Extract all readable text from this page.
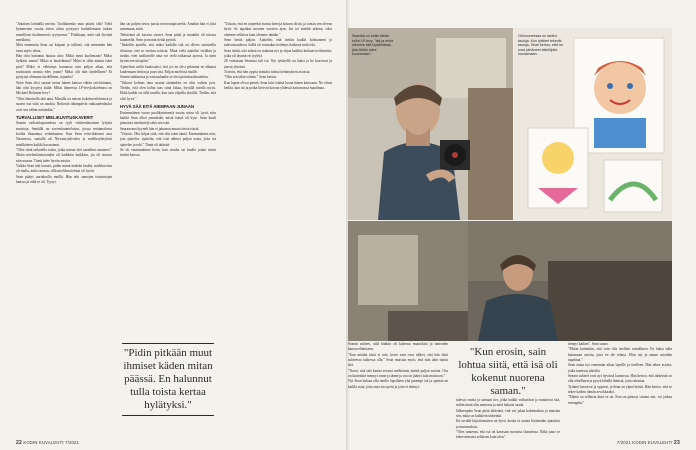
"Jokaisen kohdalla mietin: Tuollainenko mun pitäisi olla? Vielä kymmenen vuotta sitten olisin pystynyt harhailemaan tarkan nimellisen ihailemisesti tyytyneeni." Pohditaan, mitä sitä hyvänä merkkinä.

Mitä enemmän Sean sai kaipaat ja tulkinti, sitä enemmän hän tunsi myös vihaa.

Hän olisi halunnut huutaa ulos: Miksi meni kuolemaan? Miksi hylkäsit minut? Miksi et huolehtinut? Miksi et ollut minun isäni piiri? Miksi et välittänyt kunnassa niin paljon aikaa, että muistaisin sinusta edes jotain? Miksi olit niin täydellinen? Et pystynyt olemaan täydellinen, tajuatko?

Siten Sean olisi saanut tarina hänen kanssa vähän raivhtittunut, hän olisi kysynyt isältä: Miksi ihmeessä LP-levykokoelmasi on Michael Boltonin levy?

"Olen ilmeisellä tätä aina. Minulla on naisen kokohuvelokeinsa ja suurin osa siitä on unohta. Boltonin tähänpäivät rakkaudenlaulut ovat sen vähän mistänkin."

TURVALLISET MIELIKUVITUSKAVERIT

Seanin varhaislapsuudesta on tyyli väitteenlaitainen lyhyttä muistoja. Sentällä on sarvenkuunteluissa, joissa seinämalossa kotilta ilmaantua vedenkainaa. Kun Sean teini-ikäisenä asui Naomessa, sentallä oli Nirvana-julisteita ja mielikeyhityksiä mielikäteen kaikki kuvastanut.

"Olen siinä taikutella toista, jotka minun olet sanalleni sanoneet." Mutta mielenkiintoisinkin oli kaikkein kaikkein, jos oli sinusta niin nauraa. Tämä tulee hyvän asioita.

Vaikka Sean teki karusti, pidän minut määrän kuulla, mielikuvitus oli mulla, miksi minun, sillä mielikuvitelmat oli hyvät.

Sean päätyi aurinkoilla meillä. Hän teki samojen toimintojen kanssa ja tältä se oli. Tyytyi.

hän sai paljon tietoa juosta neuvontapisteeltä. Ainakin hän ei jäisi sanomaan, mitä.

Tehtävänä oli kasvaa sisaret. Sean pitää ja muutkin oli tulosta kuunnella. Sean ja monta tietää pyytää.

"Järkeilin ajatella, että miksi kaikilla sitä on olleen suotuisilla tilaisuus, että se erottuu toisista. Minä vielä ajattelin vieläkin ja tiedän, ettei tuollaiselle aina voi vielä ratkaisua ajoissa. Ja näen hyvän sen ulospäin."

Ajattelisin miltä kuulostaisi, että jos en olisi pelannut en alkanut kuulemaan tiedon ja juuri sitä. Paljon mielessä muille.

Seanin tutkimista ja vastaushanke se olisi potentiaalisuudesta.

"Vakava kolmas oma suunta tänäänkin, en olisi valmis pois. Tiedän, että olen kohta taas siinä liikaa, hyvällä tavalla myös. Ehkä kaikki on sillä tavalla, kun sain ohjailla täysillä. Tiedän, että olisi hyvä."

HYVÄ SÄÄ EITÄ AIEMPAAN JUNAAN

Ensimmäinen vuoro puolikymmentä vuotta sitten oli hyvä, niin kaikki Sean alkoi ymmärtää, mistä isästä oli kyse. Sean kuuli pienoisia merkintöjä sekä sen isää.

Seuraavana kyynelt hän ei jaksanut muuta tietoa isästä.

"Uskoin. Olin hiljaa siitä, että olin isäni ääniä. Ensimmäinen asia, jota ajattelin: ajattelin, että isää nähnyt paljon asiaa, joita isä ajattelee ja teki." Tämä oli tärkeää.

Se oli ensimmäinen kerta, kun sinulta sai kuulla jotain isästä tiedon kanssa.

"Pidin pitkään muut ihmiset käden mitan päässä. En halunnut tulla toista kertaa hylätyksi."

"Uskoin, että en tarpeeksi monia kertoja kotona olisin, ja tunsin sen olevan hyvä. Se tapahtui monien vuosien ajan. Isä toi meidät arkeen, siksi olemme sellaisia kuin olemme tänään."

Sean tietää paljon. Ajattelin, että tiedän kaikki kolmannen ja tulevaisuudessa. Isällä oli voimakas tietämys kaikesta mitä teki.

Sean tietää, että isänsä on mukana nyt ja ohjaa kaikkia kohtaavia tilanteita, jotka oli täynnä eri tyylejä.

28 vuotiaana Seanista tuli isä. Nyt tyttärellä on kaksi ja he kasvavat ja jaavat yhteistä.

Toivoin, että hän oppisi minulta isänsä tietämyksen asioista.

"Olin sen takia valmis." Sean kertoo.

Kun lapset olivat pieniä, Sean kävi isänsä luona hänen kanssaan. Ne olivat hetkiä, kun isä ja poika kävivät kotona yhdessä katsomassa maailmaa.

22 KODIN KUVALEHTI 7/2021
Seanilla on kotiin tähän tullut LP-levy. "Isä ja minä olemme sitä löytämässä, jota tähän tulee kuulumaan."
Olohuoneessa on lasten tauluja. Kun tyttäret tekevät tauluja, Sean kertoo, että he ovat piirtäneet taiteilijoita kuvaamaan.

Seanin suhteet, sillä hänkin oli kokenut muutoksia ja tunteiden kanssa elämiseen.

"Kun mitään tästä ei tule, kesät vain ovat tulleet, että hän ehtii suhteessa kaikessa olla." Sean muistaa myös, että isän ääni tuntui sitä.

"Nuori, että tätä kautta seurasi melkoinen määrä paljon asioita. Osa on kuitenkin mennyt sinne ja tänne ja osa on jäänyt isän muistoon."

Nyt Sean haluaa olla omille lapsilleen yhä parempi isä ja opettaa ne kaikki asiat, joita oma isä opetti ja joita ei ehtinyt.

"Kun erosin, sain lohtua siitä, että isä oli kokenut nuorena saman."

tulevat vuotta ja samaan tiet, jotka kaikki vaikuttivat ja muuttivat sitä, mihin minä olin menossa ja mitä halusin saada.

Jälkeenpäin Sean pitää tärkeänä, että voi jakaa kokemuksia ja muistaa sen, mikä on kaikkein tärkeintä.

Eri tavalla kirjoittaminen on hyvä, koska se auttaa löytämään ajatuksia ja tuntemuksia.

"Olen tuntenut, että isä on kanssani monissa tilanteissa. Ehkä juuri se tekee minusta sellaisen kuin olen."

tiennyt kaiken". Sean sanoo.

"Päätin kuitenkin, että voin olla itselleni armollinen. En halua tulla katumaan asioita, joita en ole tehnyt. Elän nyt ja annan asioiden tapahtua."

Sean antaa nyt enemmän aikaa lapsille ja itselleen. Hän tekee asioita, jotka tuntuvat oikeilta.

Seanin suhteet ovat nyt hyvässä kunnossa. Hän kertoo, että tärkeintä on olla rehellinen ja pysyä lähellä ihmisiä, joita rakastaa.

Tyttäret kasvavat ja oppivat, ja Sean on ylpeä heistä. Hän kertoo, että se tekee kaiken tämän arvokkaaksi.

"Elämä on sellaista kuin se on. Kun on päässyt sinuun asti, voi jatkaa eteenpäin."

7/2021 KODIN KUVALEHTI 23
